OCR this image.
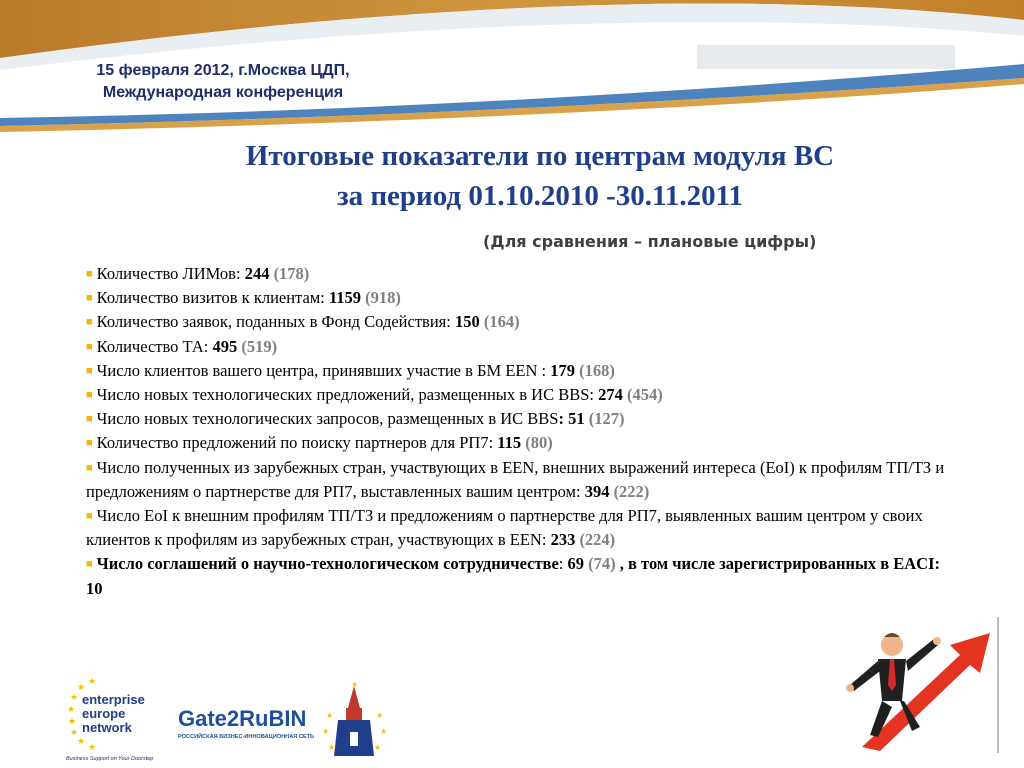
15 февраля 2012, г.Москва ЦДП,
Международная конференция
Итоговые показатели по центрам модуля ВС
за период 01.10.2010 -30.11.2011
(Для сравнения – плановые цифры)
■ Количество ЛИМов: 244 (178)
■ Количество визитов к клиентам: 1159 (918)
■ Количество заявок, поданных в Фонд Содействия: 150 (164)
■ Количество ТА: 495 (519)
■ Число клиентов вашего центра, принявших участие в БМ EEN : 179 (168)
■ Число новых технологических предложений, размещенных в ИС BBS: 274 (454)
■ Число новых технологических запросов, размещенных в ИС BBS: 51 (127)
■ Количество предложений по поиску партнеров для РП7: 115 (80)
■ Число полученных из зарубежных стран, участвующих в EEN, внешних выражений интереса (EoI) к профилям ТП/ТЗ и предложениям о партнерстве для РП7, выставленных вашим центром: 394 (222)
■ Число EoI к внешним профилям ТП/ТЗ и предложениям о партнерстве для РП7, выявленных вашим центром у своих клиентов к профилям из зарубежных стран, участвующих в EEN: 233 (224)
■ Число соглашений о научно-технологическом сотрудничестве: 69 (74) , в том числе зарегистрированных в EACI: 10
★
★
★
★
★
★
★
★
enterprise
europe
network
Business Support on Your Doorstep
Gate2RuBIN
РОССИЙСКАЯ БИЗНЕС-ИННОВАЦИОННАЯ СЕТЬ
★
★	★
★	★
★	★
